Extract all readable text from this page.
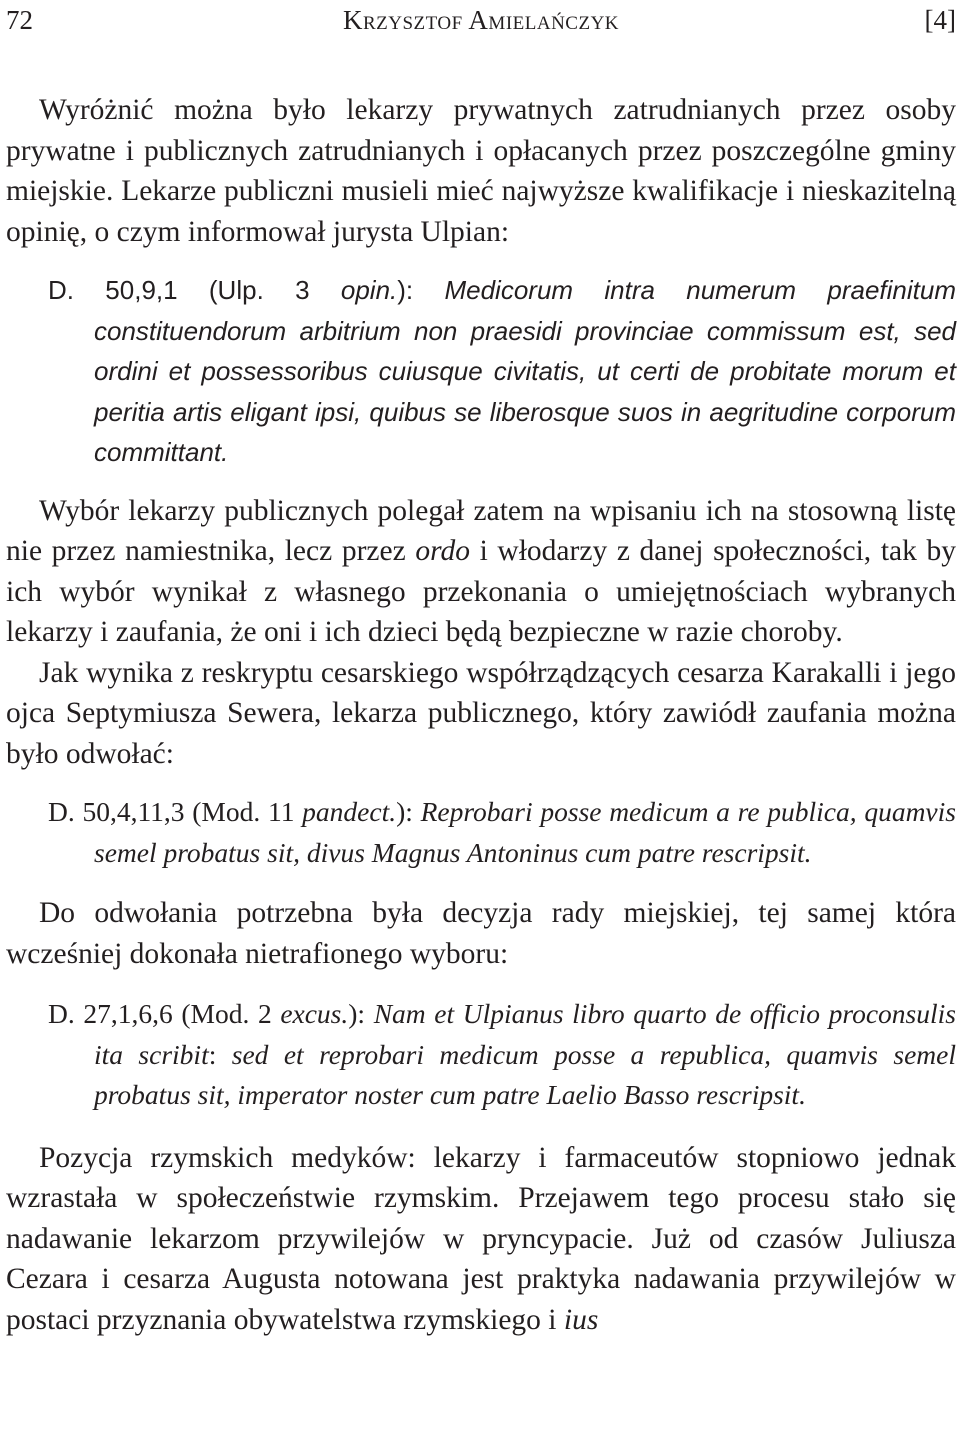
72	Krzysztof Amielańczyk	[4]

Wyróżnić można było lekarzy prywatnych zatrudnianych przez osoby prywatne i publicznych zatrudnianych i opłacanych przez poszczególne gminy miejskie. Lekarze publiczni musieli mieć najwyższe kwalifikacje i nieskazitelną opinię, o czym informował jurysta Ulpian:

D. 50,9,1 (Ulp. 3 opin.): Medicorum intra numerum praefinitum constituendorum arbitrium non praesidi provinciae commissum est, sed ordini et possessoribus cuiusque civitatis, ut certi de probitate morum et peritia artis eligant ipsi, quibus se liberosque suos in aegritudine corporum committant.

Wybór lekarzy publicznych polegał zatem na wpisaniu ich na stosowną listę nie przez namiestnika, lecz przez ordo i włodarzy z danej społeczności, tak by ich wybór wynikał z własnego przekonania o umiejętnościach wybranych lekarzy i zaufania, że oni i ich dzieci będą bezpieczne w razie choroby.

Jak wynika z reskryptu cesarskiego współrządzących cesarza Karakalli i jego ojca Septymiusza Sewera, lekarza publicznego, który zawiódł zaufania można było odwołać:

D. 50,4,11,3 (Mod. 11 pandect.): Reprobari posse medicum a re publica, quamvis semel probatus sit, divus Magnus Antoninus cum patre rescripsit.

Do odwołania potrzebna była decyzja rady miejskiej, tej samej która wcześniej dokonała nietrafionego wyboru:

D. 27,1,6,6 (Mod. 2 excus.): Nam et Ulpianus libro quarto de officio proconsulis ita scribit: sed et reprobari medicum posse a republica, quamvis semel probatus sit, imperator noster cum patre Laelio Basso rescripsit.

Pozycja rzymskich medyków: lekarzy i farmaceutów stopniowo jednak wzrastała w społeczeństwie rzymskim. Przejawem tego procesu stało się nadawanie lekarzom przywilejów w pryncypacie. Już od czasów Juliusza Cezara i cesarza Augusta notowana jest praktyka nadawania przywilejów w postaci przyznania obywatelstwa rzymskiego i ius
